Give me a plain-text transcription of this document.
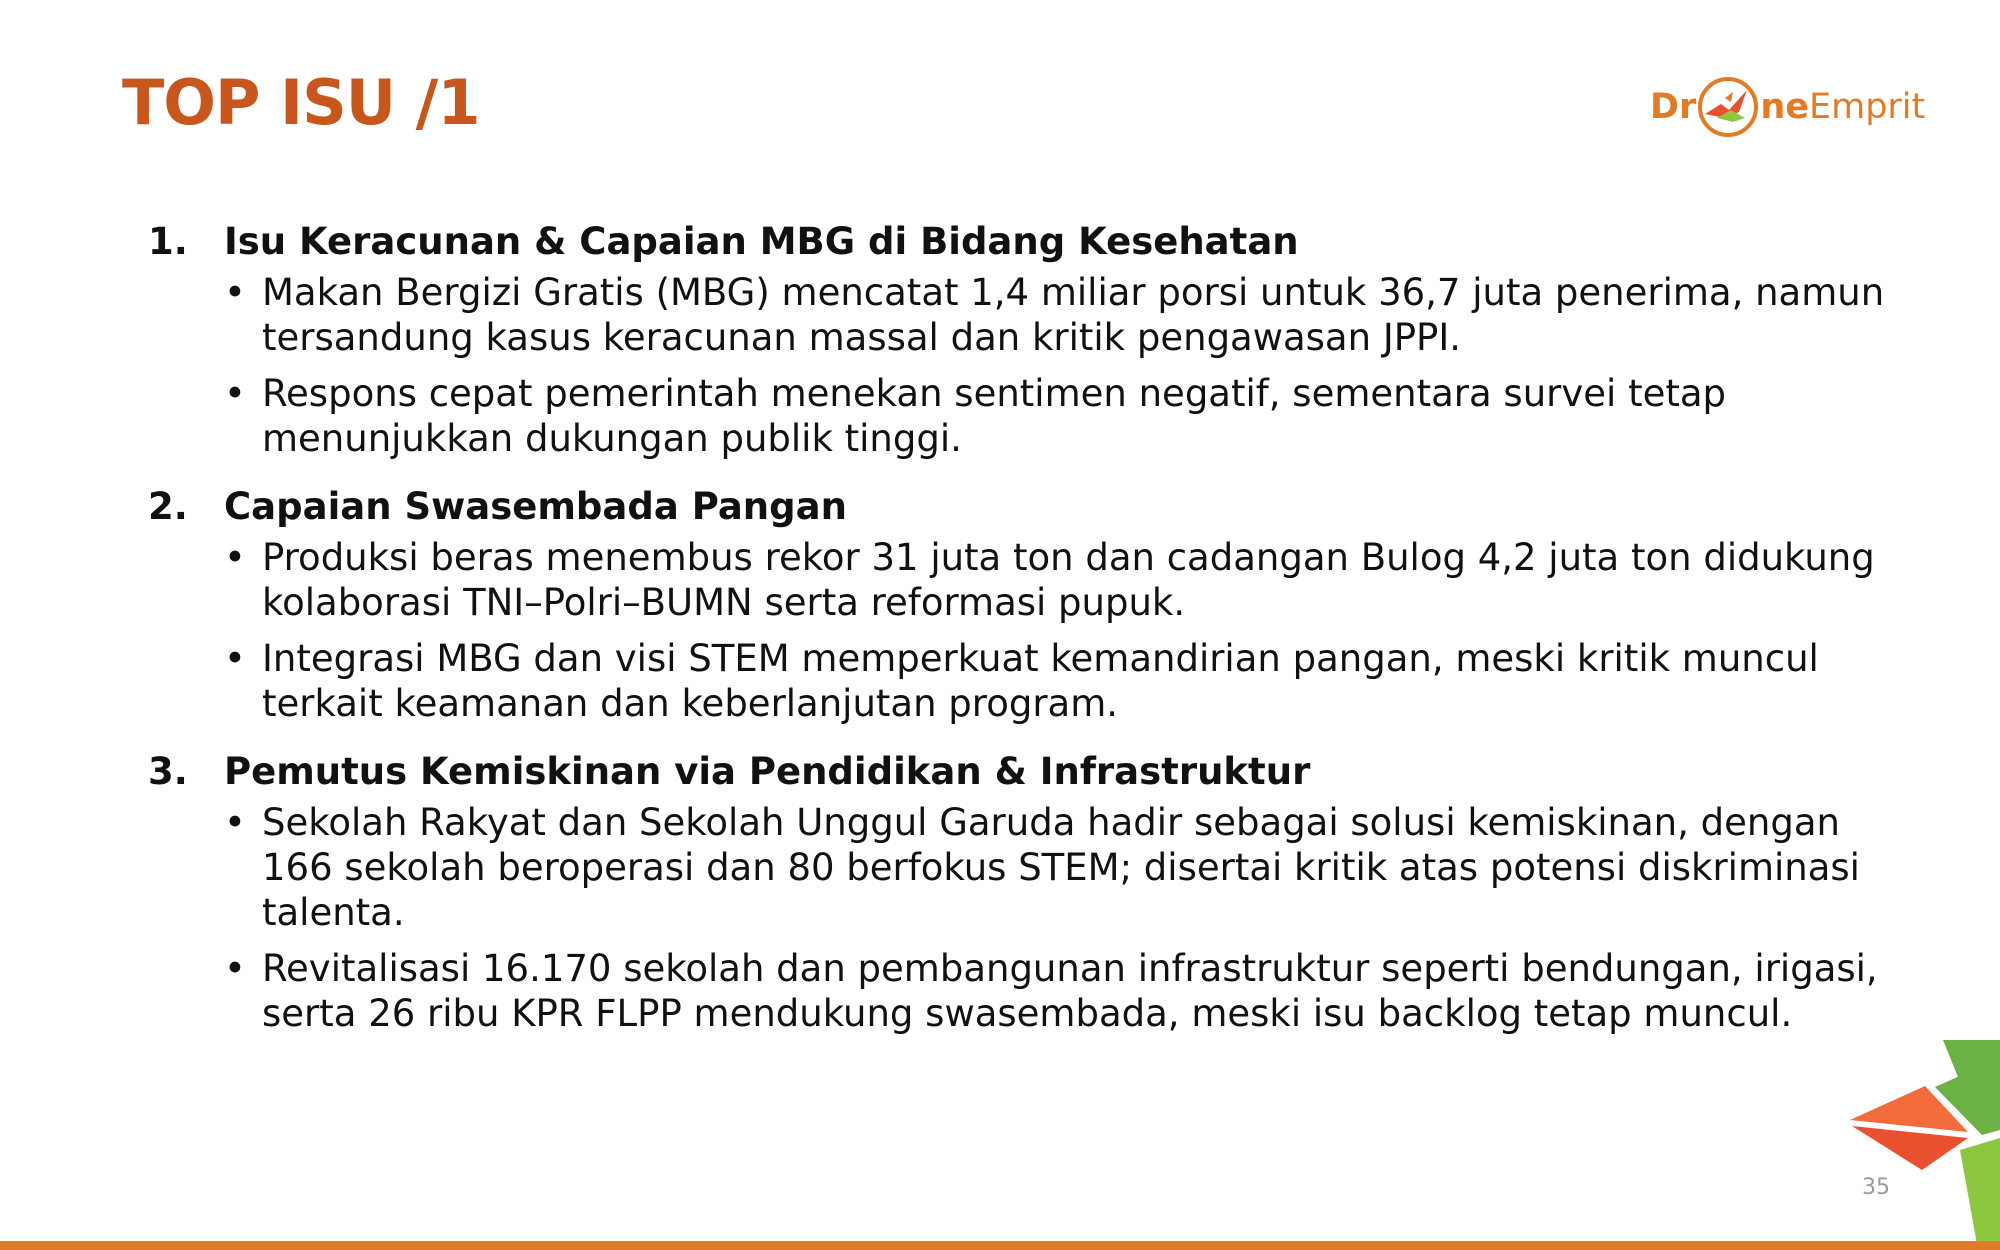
TOP ISU /1	Dr ne Emprit
1. Isu Keracunan & Capaian MBG di Bidang Kesehatan
• Makan Bergizi Gratis (MBG) mencatat 1,4 miliar porsi untuk 36,7 juta penerima, namun tersandung kasus keracunan massal dan kritik pengawasan JPPI.
• Respons cepat pemerintah menekan sentimen negatif, sementara survei tetap menunjukkan dukungan publik tinggi.
2. Capaian Swasembada Pangan
• Produksi beras menembus rekor 31 juta ton dan cadangan Bulog 4,2 juta ton didukung kolaborasi TNI–Polri–BUMN serta reformasi pupuk.
• Integrasi MBG dan visi STEM memperkuat kemandirian pangan, meski kritik muncul terkait keamanan dan keberlanjutan program.
3. Pemutus Kemiskinan via Pendidikan & Infrastruktur
• Sekolah Rakyat dan Sekolah Unggul Garuda hadir sebagai solusi kemiskinan, dengan 166 sekolah beroperasi dan 80 berfokus STEM; disertai kritik atas potensi diskriminasi talenta.
• Revitalisasi 16.170 sekolah dan pembangunan infrastruktur seperti bendungan, irigasi, serta 26 ribu KPR FLPP mendukung swasembada, meski isu backlog tetap muncul.
35
